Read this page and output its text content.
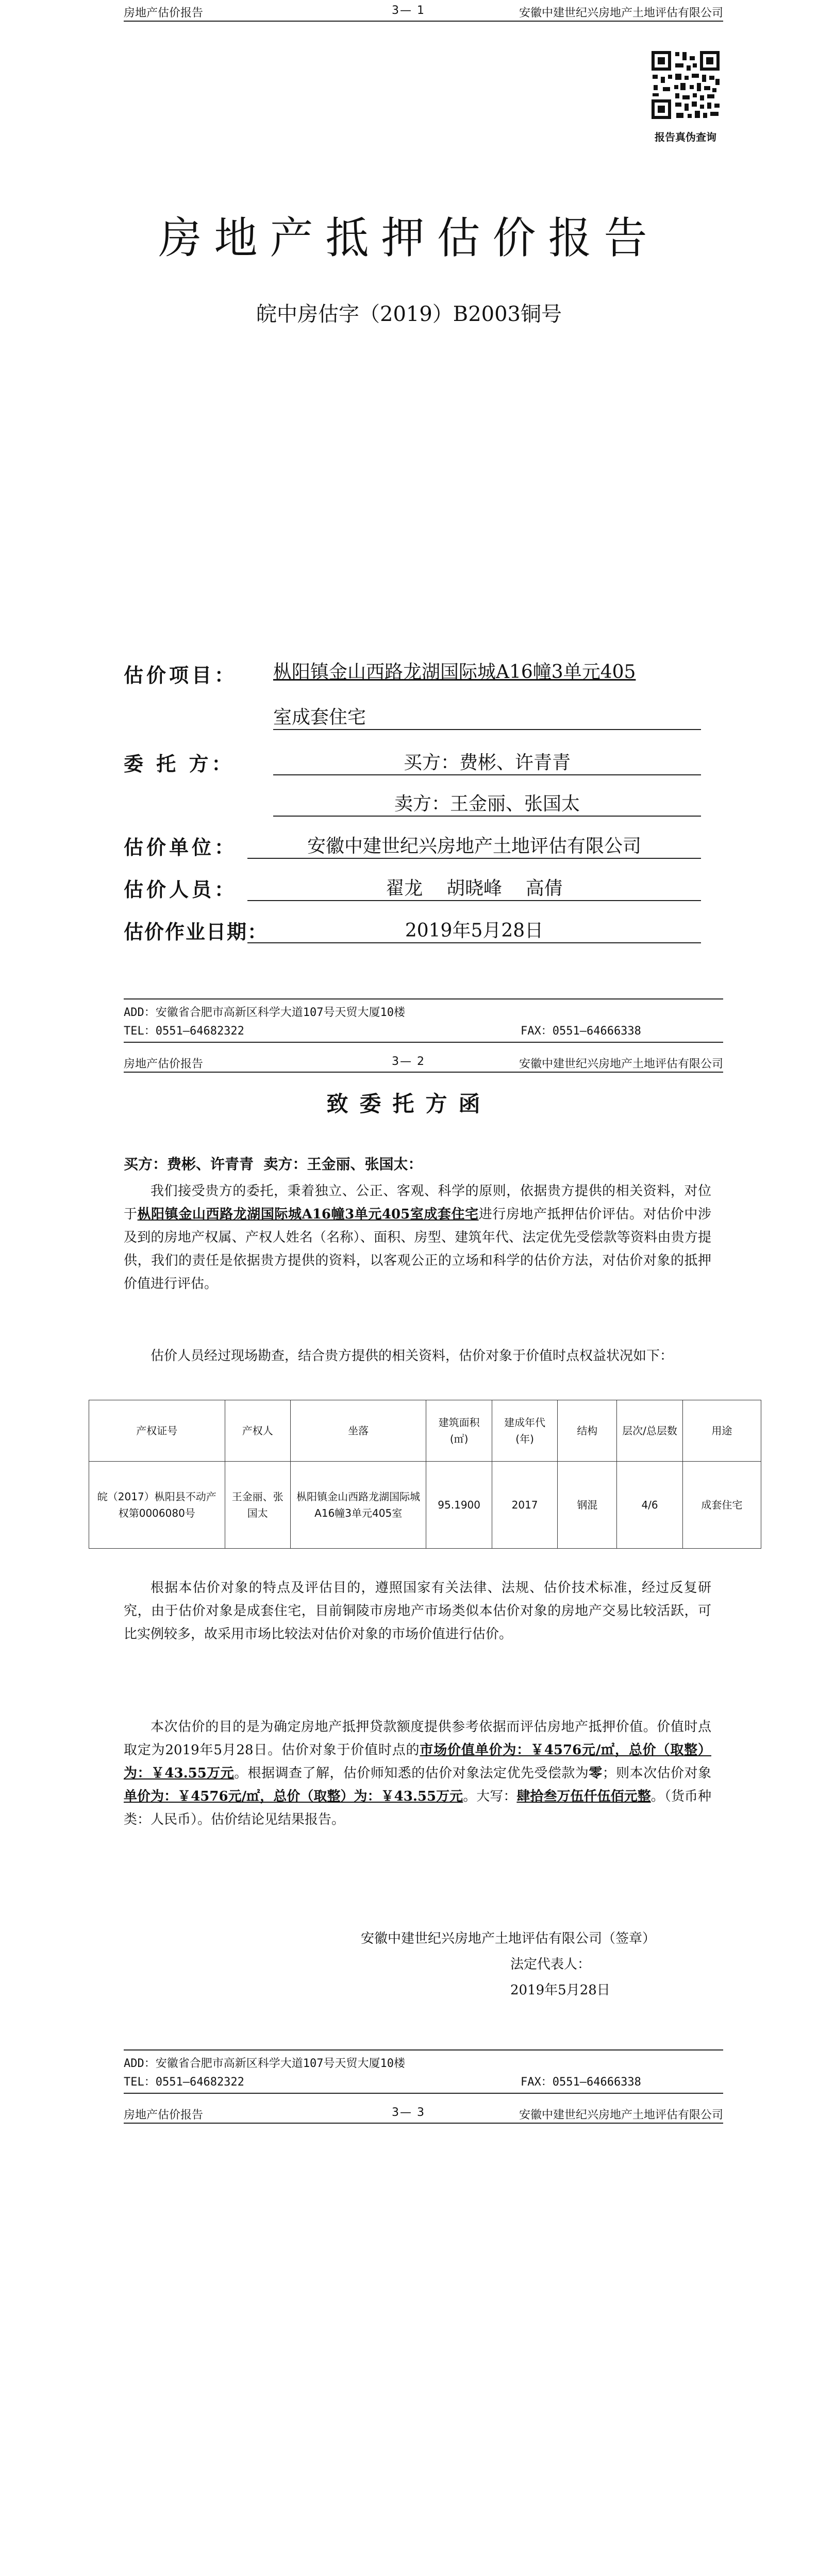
房地产估价报告	3— 1	安徽中建世纪兴房地产土地评估有限公司
报告真伪查询
房地产抵押估价报告
皖中房估字（2019）B2003铜号
估价项目： 枞阳镇金山西路龙湖国际城A16幢3单元405
室成套住宅
委 托 方：	买方：费彬、许青青
卖方：王金丽、张国太
估价单位：	安徽中建世纪兴房地产土地评估有限公司
估价人员：	翟龙    胡晓峰    高倩
估价作业日期：	2019年5月28日
ADD：安徽省合肥市高新区科学大道107号天贸大厦10楼
TEL：0551—64682322	FAX：0551—64666338
房地产估价报告	3— 2	安徽中建世纪兴房地产土地评估有限公司
致委托方函
买方：费彬、许青青  卖方：王金丽、张国太：
我们接受贵方的委托，秉着独立、公正、客观、科学的原则，依据贵方提供的相关资料，对位于枞阳镇金山西路龙湖国际城A16幢3单元405室成套住宅进行房地产抵押估价评估。对估价中涉及到的房地产权属、产权人姓名（名称）、面积、房型、建筑年代、法定优先受偿款等资料由贵方提供，我们的责任是依据贵方提供的资料，以客观公正的立场和科学的估价方法，对估价对象的抵押价值进行评估。
估价人员经过现场勘查，结合贵方提供的相关资料，估价对象于价值时点权益状况如下：
产权证号	产权人	坐落	建筑面积(㎡)	建成年代(年)	结构	层次/总层数	用途
皖（2017）枞阳县不动产权第0006080号	王金丽、张国太	枞阳镇金山西路龙湖国际城A16幢3单元405室	95.1900	2017	钢混	4/6	成套住宅
根据本估价对象的特点及评估目的，遵照国家有关法律、法规、估价技术标准，经过反复研究，由于估价对象是成套住宅，目前铜陵市房地产市场类似本估价对象的房地产交易比较活跃，可比实例较多，故采用市场比较法对估价对象的市场价值进行估价。
本次估价的目的是为确定房地产抵押贷款额度提供参考依据而评估房地产抵押价值。价值时点取定为2019年5月28日。估价对象于价值时点的市场价值单价为：￥4576元/㎡，总价（取整）为：￥43.55万元。根据调查了解，估价师知悉的估价对象法定优先受偿款为零；则本次估价对象单价为：￥4576元/㎡，总价（取整）为：￥43.55万元。大写：肆拾叁万伍仟伍佰元整。（货币种类：人民币）。估价结论见结果报告。
安徽中建世纪兴房地产土地评估有限公司（签章）
法定代表人：
2019年5月28日
ADD：安徽省合肥市高新区科学大道107号天贸大厦10楼
TEL：0551—64682322	FAX：0551—64666338
房地产估价报告	3— 3	安徽中建世纪兴房地产土地评估有限公司
